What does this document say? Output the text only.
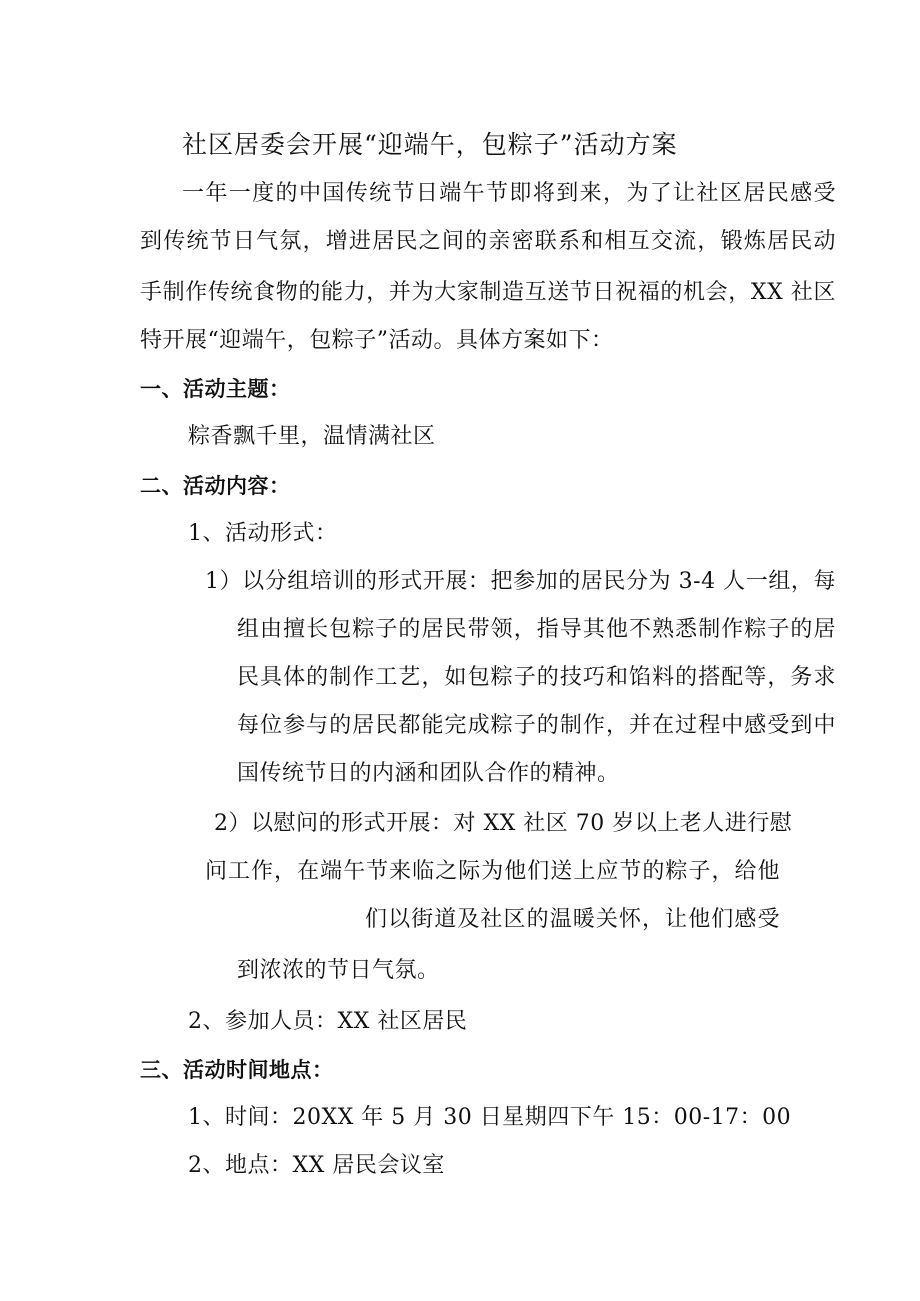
社区居委会开展“迎端午，包粽子”活动方案
一年一度的中国传统节日端午节即将到来，为了让社区居民感受
到传统节日气氛，增进居民之间的亲密联系和相互交流，锻炼居民动
手制作传统食物的能力，并为大家制造互送节日祝福的机会，XX 社区
特开展“迎端午，包粽子”活动。具体方案如下：
一、活动主题：
粽香飘千里，温情满社区
二、活动内容：
1、活动形式：
1）以分组培训的形式开展：把参加的居民分为 3-4 人一组，每
组由擅长包粽子的居民带领，指导其他不熟悉制作粽子的居
民具体的制作工艺，如包粽子的技巧和馅料的搭配等，务求
每位参与的居民都能完成粽子的制作，并在过程中感受到中
国传统节日的内涵和团队合作的精神。
2）以慰问的形式开展：对 XX 社区 70 岁以上老人进行慰
问工作，在端午节来临之际为他们送上应节的粽子，给他
们以街道及社区的温暖关怀，让他们感受
到浓浓的节日气氛。
2、参加人员：XX 社区居民
三、活动时间地点：
1、时间：20XX 年 5 月 30 日星期四下午 15：00-17：00
2、地点：XX 居民会议室
